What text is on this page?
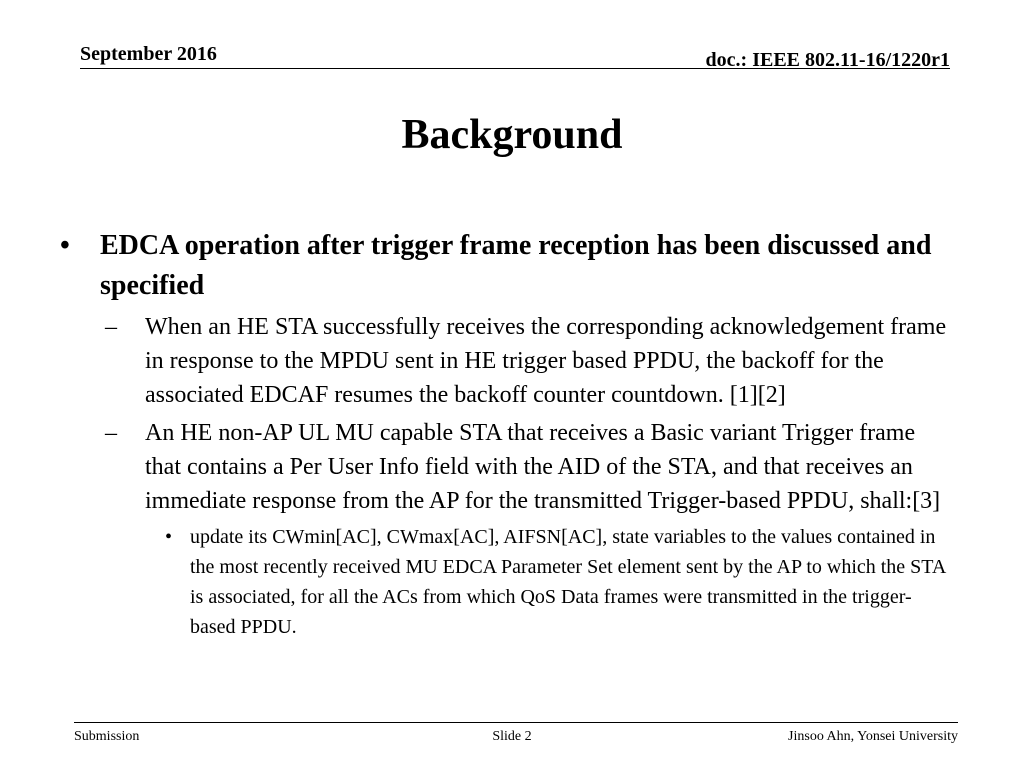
September 2016	doc.: IEEE 802.11-16/1220r1
Background
•	EDCA operation after trigger frame reception has been discussed and specified
–	When an HE STA successfully receives the corresponding acknowledgement frame in response to the MPDU sent in HE trigger based PPDU, the backoff for the associated EDCAF resumes the backoff counter countdown. [1][2]
–	An HE non-AP UL MU capable STA that receives a Basic variant Trigger frame that contains a Per User Info field with the AID of the STA, and that receives an immediate response from the AP for the transmitted Trigger-based PPDU, shall:[3]
• update its CWmin[AC], CWmax[AC], AIFSN[AC], state variables to the values contained in the most recently received MU EDCA Parameter Set element sent by the AP to which the STA is associated, for all the ACs from which QoS Data frames were transmitted in the trigger-based PPDU.
Submission	Slide 2	Jinsoo Ahn, Yonsei University
